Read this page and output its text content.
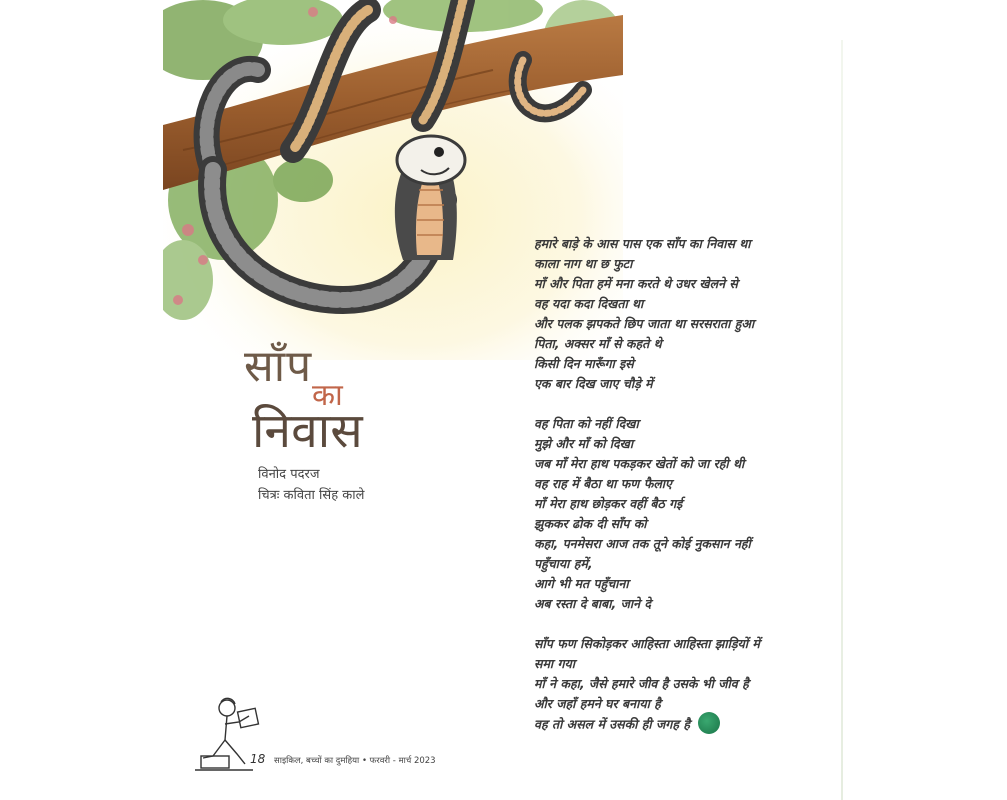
साँप
का
निवास
विनोद पदरज
चित्रः कविता सिंह काले
हमारे बाड़े के आस पास एक साँप का निवास था
काला नाग था छ फुटा
माँ और पिता हमें मना करते थे उधर खेलने से
वह यदा कदा दिखता था
और पलक झपकते छिप जाता था सरसराता हुआ
पिता, अक्सर माँ से कहते थे
किसी दिन मारूँगा इसे
एक बार दिख जाए चौड़े में
वह पिता को नहीं दिखा
मुझे और माँ को दिखा
जब माँ मेरा हाथ पकड़कर खेतों को जा रही थी
वह राह में बैठा था फण फैलाए
माँ मेरा हाथ छोड़कर वहीं बैठ गई
झुककर ढोक दी साँप को
कहा, पनमेसरा आज तक तूने कोई नुकसान नहीं
पहुँचाया हमें,
आगे भी मत पहुँचाना
अब रस्ता दे बाबा, जाने दे
साँप फण सिकोड़कर आहिस्ता आहिस्ता झाड़ियों में
समा गया
माँ ने कहा, जैसे हमारे जीव है उसके भी जीव है
और जहाँ हमने घर बनाया है
वह तो असल में उसकी ही जगह है
18 साइकिल, बच्चों का दुमहिया • फरवरी - मार्च 2023
